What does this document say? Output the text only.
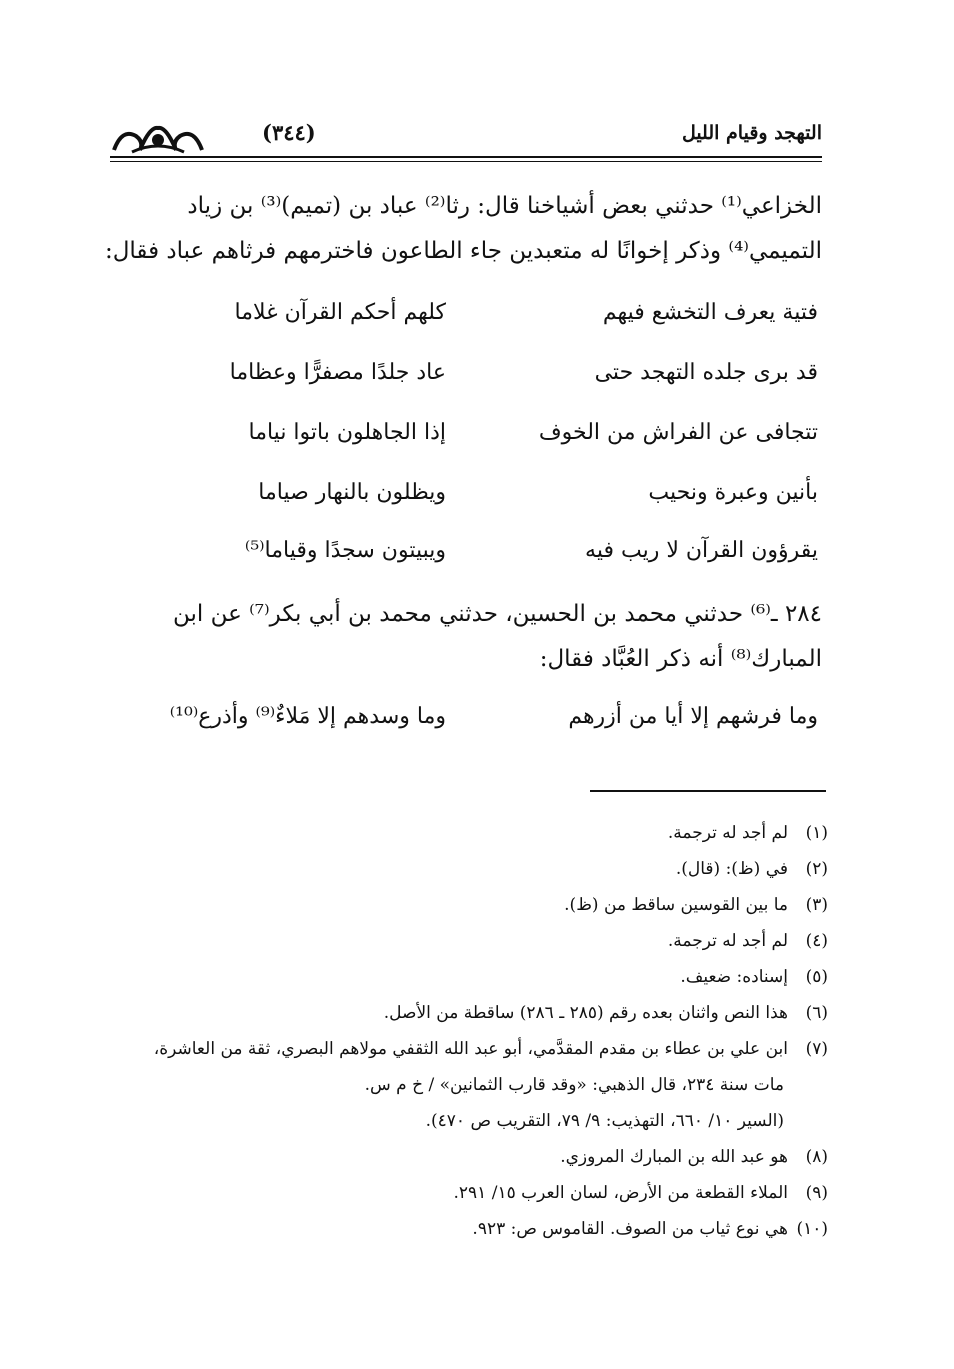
التهجد وقيام الليل
(٣٤٤)

الخزاعي⁽¹⁾ حدثني بعض أشياخنا قال: رثا⁽²⁾ عباد بن (تميم)⁽³⁾ بن زياد

التميمي⁽⁴⁾ وذكر إخوانًا له متعبدين جاء الطاعون فاخترمهم فرثاهم عباد فقال:

فتية يعرف التخشع فيهم
كلهم أحكم القرآن غلاما
قد برى جلده التهجد حتى
عاد جلدًا مصفرًّا وعظاما
تتجافى عن الفراش من الخوف
إذا الجاهلون باتوا نياما
بأنين وعبرة ونحيب
ويظلون بالنهار صياما
يقرؤون القرآن لا ريب فيه
ويبيتون سجدًا وقياما⁽⁵⁾

٢٨٤ ـ⁽⁶⁾ حدثني محمد بن الحسين، حدثني محمد بن أبي بكر⁽⁷⁾ عن ابن

المبارك⁽⁸⁾ أنه ذكر العُبَّاد فقال:

وما فرشهم إلا أيا من أزرهم
وما وسدهم إلا مَلاءٌ⁽⁹⁾ وأذرع⁽¹⁰⁾
(١)لم أجد له ترجمة.
(٢)في (ظ): (قال).
(٣)ما بين القوسين ساقط من (ظ).
(٤)لم أجد له ترجمة.
(٥)إسناده: ضعيف.
(٦)هذا النص واثنان بعده رقم (٢٨٥ ـ ٢٨٦) ساقطة من الأصل.
(٧)ابن علي بن عطاء بن مقدم المقدَّمي، أبو عبد الله الثقفي مولاهم البصري، ثقة من العاشرة،
مات سنة ٢٣٤، قال الذهبي: «وقد قارب الثمانين» / خ م س.
(السير ١٠/ ٦٦٠، التهذيب: ٩/ ٧٩، التقريب ص ٤٧٠).
(٨)هو عبد الله بن المبارك المروزي.
(٩)الملاء القطعة من الأرض، لسان العرب ١٥/ ٢٩١.
(١٠)هي نوع ثياب من الصوف. القاموس ص: ٩٢٣.
